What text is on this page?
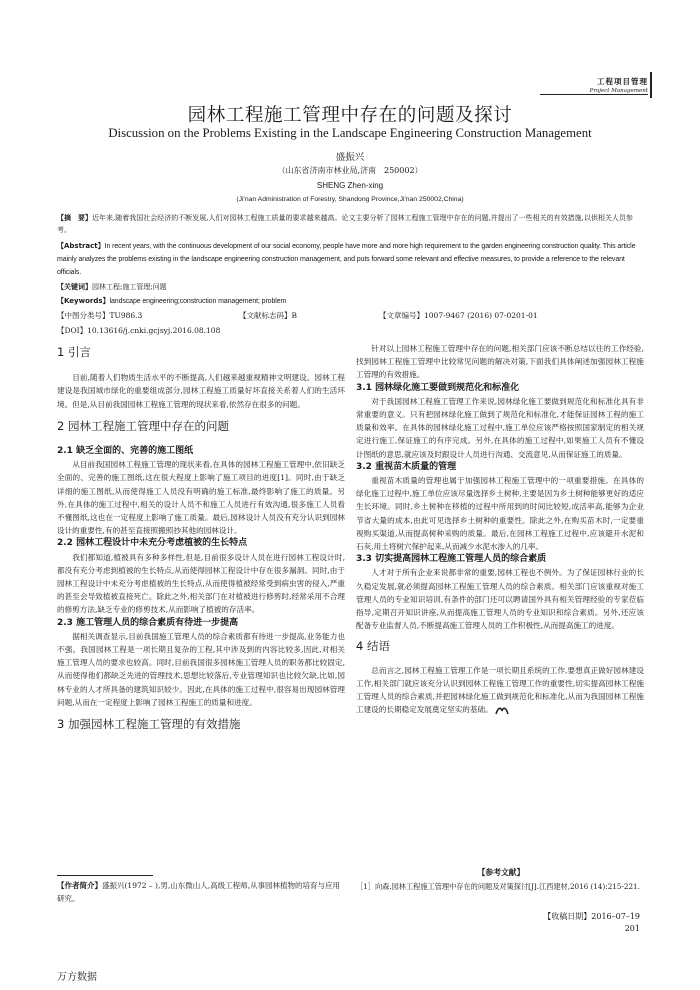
工程项目管理
Project Management
园林工程施工管理中存在的问题及探讨
Discussion on the Problems Existing in the Landscape Engineering Construction Management
盛振兴
（山东省济南市林业局,济南　250002）
SHENG Zhen-xing
(Ji'nan Administration of Forestry, Shandong Province,Ji'nan 250002,China)
【摘　要】近年来,随着我国社会经济的不断发展,人们对园林工程施工质量的要求越来越高。论文主要分析了园林工程施工管理中存在的问题,并提出了一些相关的有效措施,以供相关人员参考。
【Abstract】In recent years, with the continuous development of our social economy, people have more and more high requirement to the garden engineering construction quality. This article mainly analyzes the problems existing in the landscape engineering construction management, and puts forward some relevant and effective measures, to provide a reference to the relevant officials.
【关键词】园林工程;施工管理;问题
【Keywords】landscape engineering;construction management; problem
【中图分类号】TU986.3	【文献标志码】B	【文章编号】1007-9467 (2016) 07-0201-01
【DOI】10.13616/j.cnki.gcjsyj.2016.08.108
1 引言

目前,随着人们物质生活水平的不断提高,人们越来越重视精神文明建设。园林工程建设是我国城市绿化的重要组成部分,园林工程施工质量好坏直接关系着人们的生活环境。但是,从目前我国园林工程施工管理的现状来看,依然存在很多的问题。

2 园林工程施工管理中存在的问题
2.1 缺乏全面的、完善的施工图纸

从目前我国园林工程施工管理的现状来看,在具体的园林工程施工管理中,依旧缺乏全面的、完善的施工图纸,这在很大程度上影响了施工项目的进度[1]。同时,由于缺乏详细的施工图纸,从而使得施工人员没有明确的施工标准,最终影响了施工的质量。另外,在具体的施工过程中,相关的设计人员不和施工人员进行有效沟通,很多施工人员看不懂图纸,这也在一定程度上影响了施工质量。最后,园林设计人员没有充分认识到园林设计的重要性,有的甚至直接照搬照抄其他的园林设计。

2.2 园林工程设计中未充分考虑植被的生长特点

我们都知道,植被具有多种多样性,但是,目前很多设计人员在进行园林工程设计时,都没有充分考虑到植被的生长特点,从而使得园林工程设计中存在很多漏洞。同时,由于园林工程设计中未充分考虑植被的生长特点,从而使得植被经常受到病虫害的侵入,严重的甚至会导致植被直接死亡。除此之外,相关部门在对植被进行修剪时,经常采用不合理的修剪方法,缺乏专业的修剪技术,从而影响了植被的存活率。

2.3 施工管理人员的综合素质有待进一步提高

据相关调查显示,目前我国施工管理人员的综合素质都有待进一步提高,业务能力也不强。我国园林工程是一项长期且复杂的工程,其中涉及到的内容比较多,因此,对相关施工管理人员的要求也较高。同时,目前我国很多园林施工管理人员的职务都比较固定,从而使得他们都缺乏先进的管理技术,思想比较落后,专业管理知识也比较欠缺,比如,园林专业的人才所具备的建筑知识较少。因此,在具体的施工过程中,很容易出现园林管理问题,从而在一定程度上影响了园林工程施工的质量和进度。

3 加强园林工程施工管理的有效措施

针对以上园林工程施工管理中存在的问题,相关部门应该不断总结以往的工作经验,找到园林工程施工管理中比较常见问题的解决对策,下面我们具体阐述加强园林工程施工管理的有效措施。

3.1 园林绿化施工要做到规范化和标准化

对于我国园林工程施工管理工作来说,园林绿化施工要做到规范化和标准化具有非常重要的意义。只有把园林绿化施工做到了规范化和标准化,才能保证园林工程的施工质量和效率。在具体的园林绿化施工过程中,施工单位应该严格按照国家制定的相关规定进行施工,保证施工的有序完成。另外,在具体的施工过程中,如果施工人员有不懂设计图纸的意思,就应该及时跟设计人员进行沟通、交流意见,从而保证施工的质量。

3.2 重视苗木质量的管理

重视苗木质量的管理也属于加强园林工程施工管理中的一项重要措施。在具体的绿化施工过程中,施工单位应该尽量选择乡土树种,主要是因为乡土树种能够更好的适应生长环境。同时,乡土树种在移植的过程中所用到的时间比较短,成活率高,能够为企业节省大量的成本,由此可见选择乡土树种的重要性。除此之外,在购买苗木时,一定要重视购买渠道,从而提高树种采购的质量。最后,在园林工程施工过程中,应该避开水泥和石灰,用土将树穴保护起来,从而减少水泥水渗入的几率。

3.3 切实提高园林工程施工管理人员的综合素质

人才对于所有企业来说都非常的重要,园林工程也不例外。为了保证园林行业的长久稳定发展,就必须提高园林工程施工管理人员的综合素质。相关部门应该重视对施工管理人员的专业知识培训,有条件的部门还可以聘请国外具有相关管理经验的专家莅临指导,定期召开知识讲座,从而提高施工管理人员的专业知识和综合素质。另外,还应该配备专业监督人员,不断提高施工管理人员的工作积极性,从而提高施工的进度。

4 结语

总而言之,园林工程施工管理工作是一项长期且系统的工作,要想真正做好园林建设工作,相关部门就应该充分认识到园林工程施工管理工作的重要性,切实提高园林工程施工管理人员的综合素质,并把园林绿化施工做到规范化和标准化,从而为我国园林工程施工建设的长期稳定发展奠定坚实的基础。

【作者简介】盛振兴(1972 – ),男,山东微山人,高级工程师,从事园林植物的培育与应用研究。
【参考文献】
［1］向森.园林工程施工管理中存在的问题及对策探讨[J].江西建材,2016 (14):215-221.
【收稿日期】2016–07–19
201
万方数据
